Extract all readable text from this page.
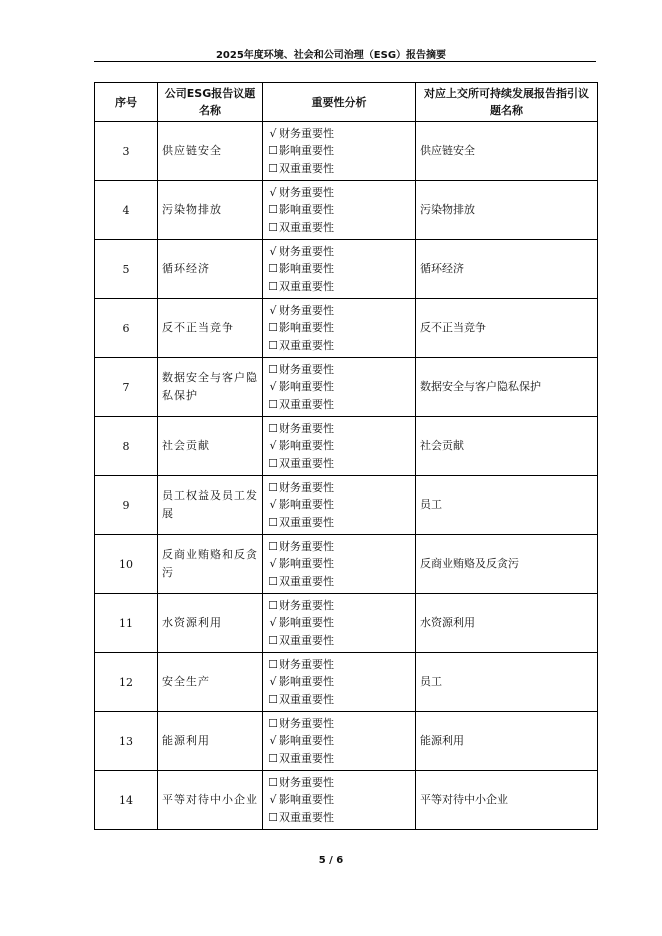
2025年度环境、社会和公司治理（ESG）报告摘要
序号	公司ESG报告议题名称	重要性分析	对应上交所可持续发展报告指引议题名称
3	供应链安全	√ 财务重要性
☐影响重要性
☐双重重要性	供应链安全
4	污染物排放	√ 财务重要性
☐影响重要性
☐双重重要性	污染物排放
5	循环经济	√ 财务重要性
☐影响重要性
☐双重重要性	循环经济
6	反不正当竞争	√ 财务重要性
☐影响重要性
☐双重重要性	反不正当竞争
7	数据安全与客户隐私保护	☐财务重要性
√ 影响重要性
☐双重重要性	数据安全与客户隐私保护
8	社会贡献	☐财务重要性
√ 影响重要性
☐双重重要性	社会贡献
9	员工权益及员工发展	☐财务重要性
√ 影响重要性
☐双重重要性	员工
10	反商业贿赂和反贪污	☐财务重要性
√ 影响重要性
☐双重重要性	反商业贿赂及反贪污
11	水资源利用	☐财务重要性
√ 影响重要性
☐双重重要性	水资源利用
12	安全生产	☐财务重要性
√ 影响重要性
☐双重重要性	员工
13	能源利用	☐财务重要性
√ 影响重要性
☐双重重要性	能源利用
14	平等对待中小企业	☐财务重要性
√ 影响重要性
☐双重重要性	平等对待中小企业
5 / 6
